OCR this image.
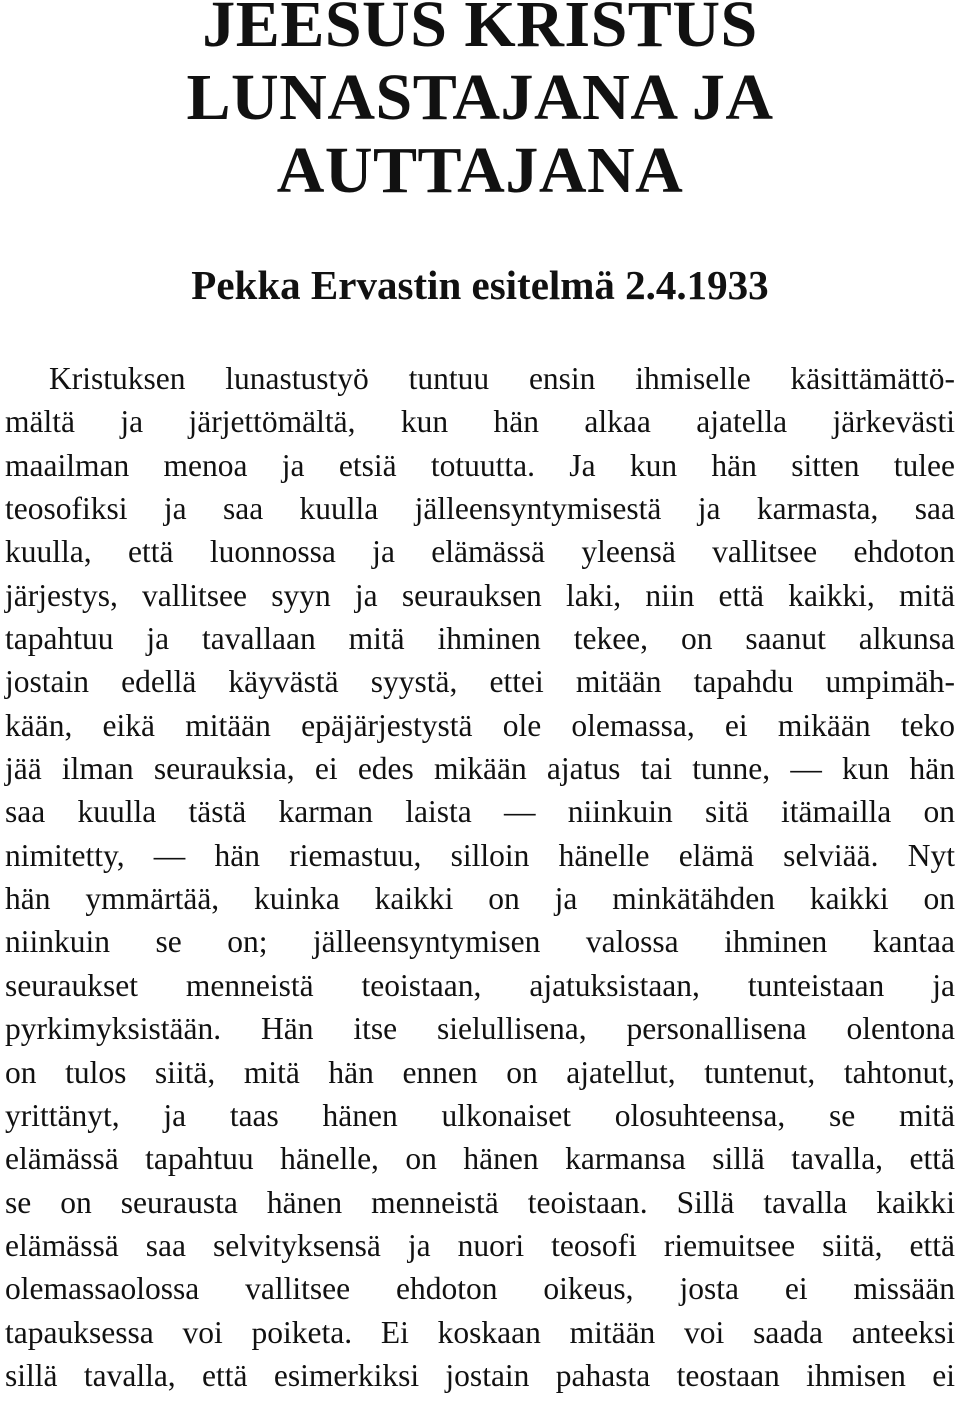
JEESUS KRISTUS
LUNASTAJANA JA
AUTTAJANA
Pekka Ervastin esitelmä 2.4.1933
Kristuksen lunastustyö tuntuu ensin ihmiselle käsittämättö-
mältä ja järjettömältä, kun hän alkaa ajatella järkevästi
maailman menoa ja etsiä totuutta. Ja kun hän sitten tulee
teosofiksi ja saa kuulla jälleensyntymisestä ja karmasta, saa
kuulla, että luonnossa ja elämässä yleensä vallitsee ehdoton
järjestys, vallitsee syyn ja seurauksen laki, niin että kaikki, mitä
tapahtuu ja tavallaan mitä ihminen tekee, on saanut alkunsa
jostain edellä käyvästä syystä, ettei mitään tapahdu umpimäh-
kään, eikä mitään epäjärjestystä ole olemassa, ei mikään teko
jää ilman seurauksia, ei edes mikään ajatus tai tunne, — kun hän
saa kuulla tästä karman laista — niinkuin sitä itämailla on
nimitetty, — hän riemastuu, silloin hänelle elämä selviää. Nyt
hän ymmärtää, kuinka kaikki on ja minkätähden kaikki on
niinkuin se on; jälleensyntymisen valossa ihminen kantaa
seuraukset menneistä teoistaan, ajatuksistaan, tunteistaan ja
pyrkimyksistään. Hän itse sielullisena, personallisena olentona
on tulos siitä, mitä hän ennen on ajatellut, tuntenut, tahtonut,
yrittänyt, ja taas hänen ulkonaiset olosuhteensa, se mitä
elämässä tapahtuu hänelle, on hänen karmansa sillä tavalla, että
se on seurausta hänen menneistä teoistaan. Sillä tavalla kaikki
elämässä saa selvityksensä ja nuori teosofi riemuitsee siitä, että
olemassaolossa vallitsee ehdoton oikeus, josta ei missään
tapauksessa voi poiketa. Ei koskaan mitään voi saada anteeksi
sillä tavalla, että esimerkiksi jostain pahasta teostaan ihmisen ei
